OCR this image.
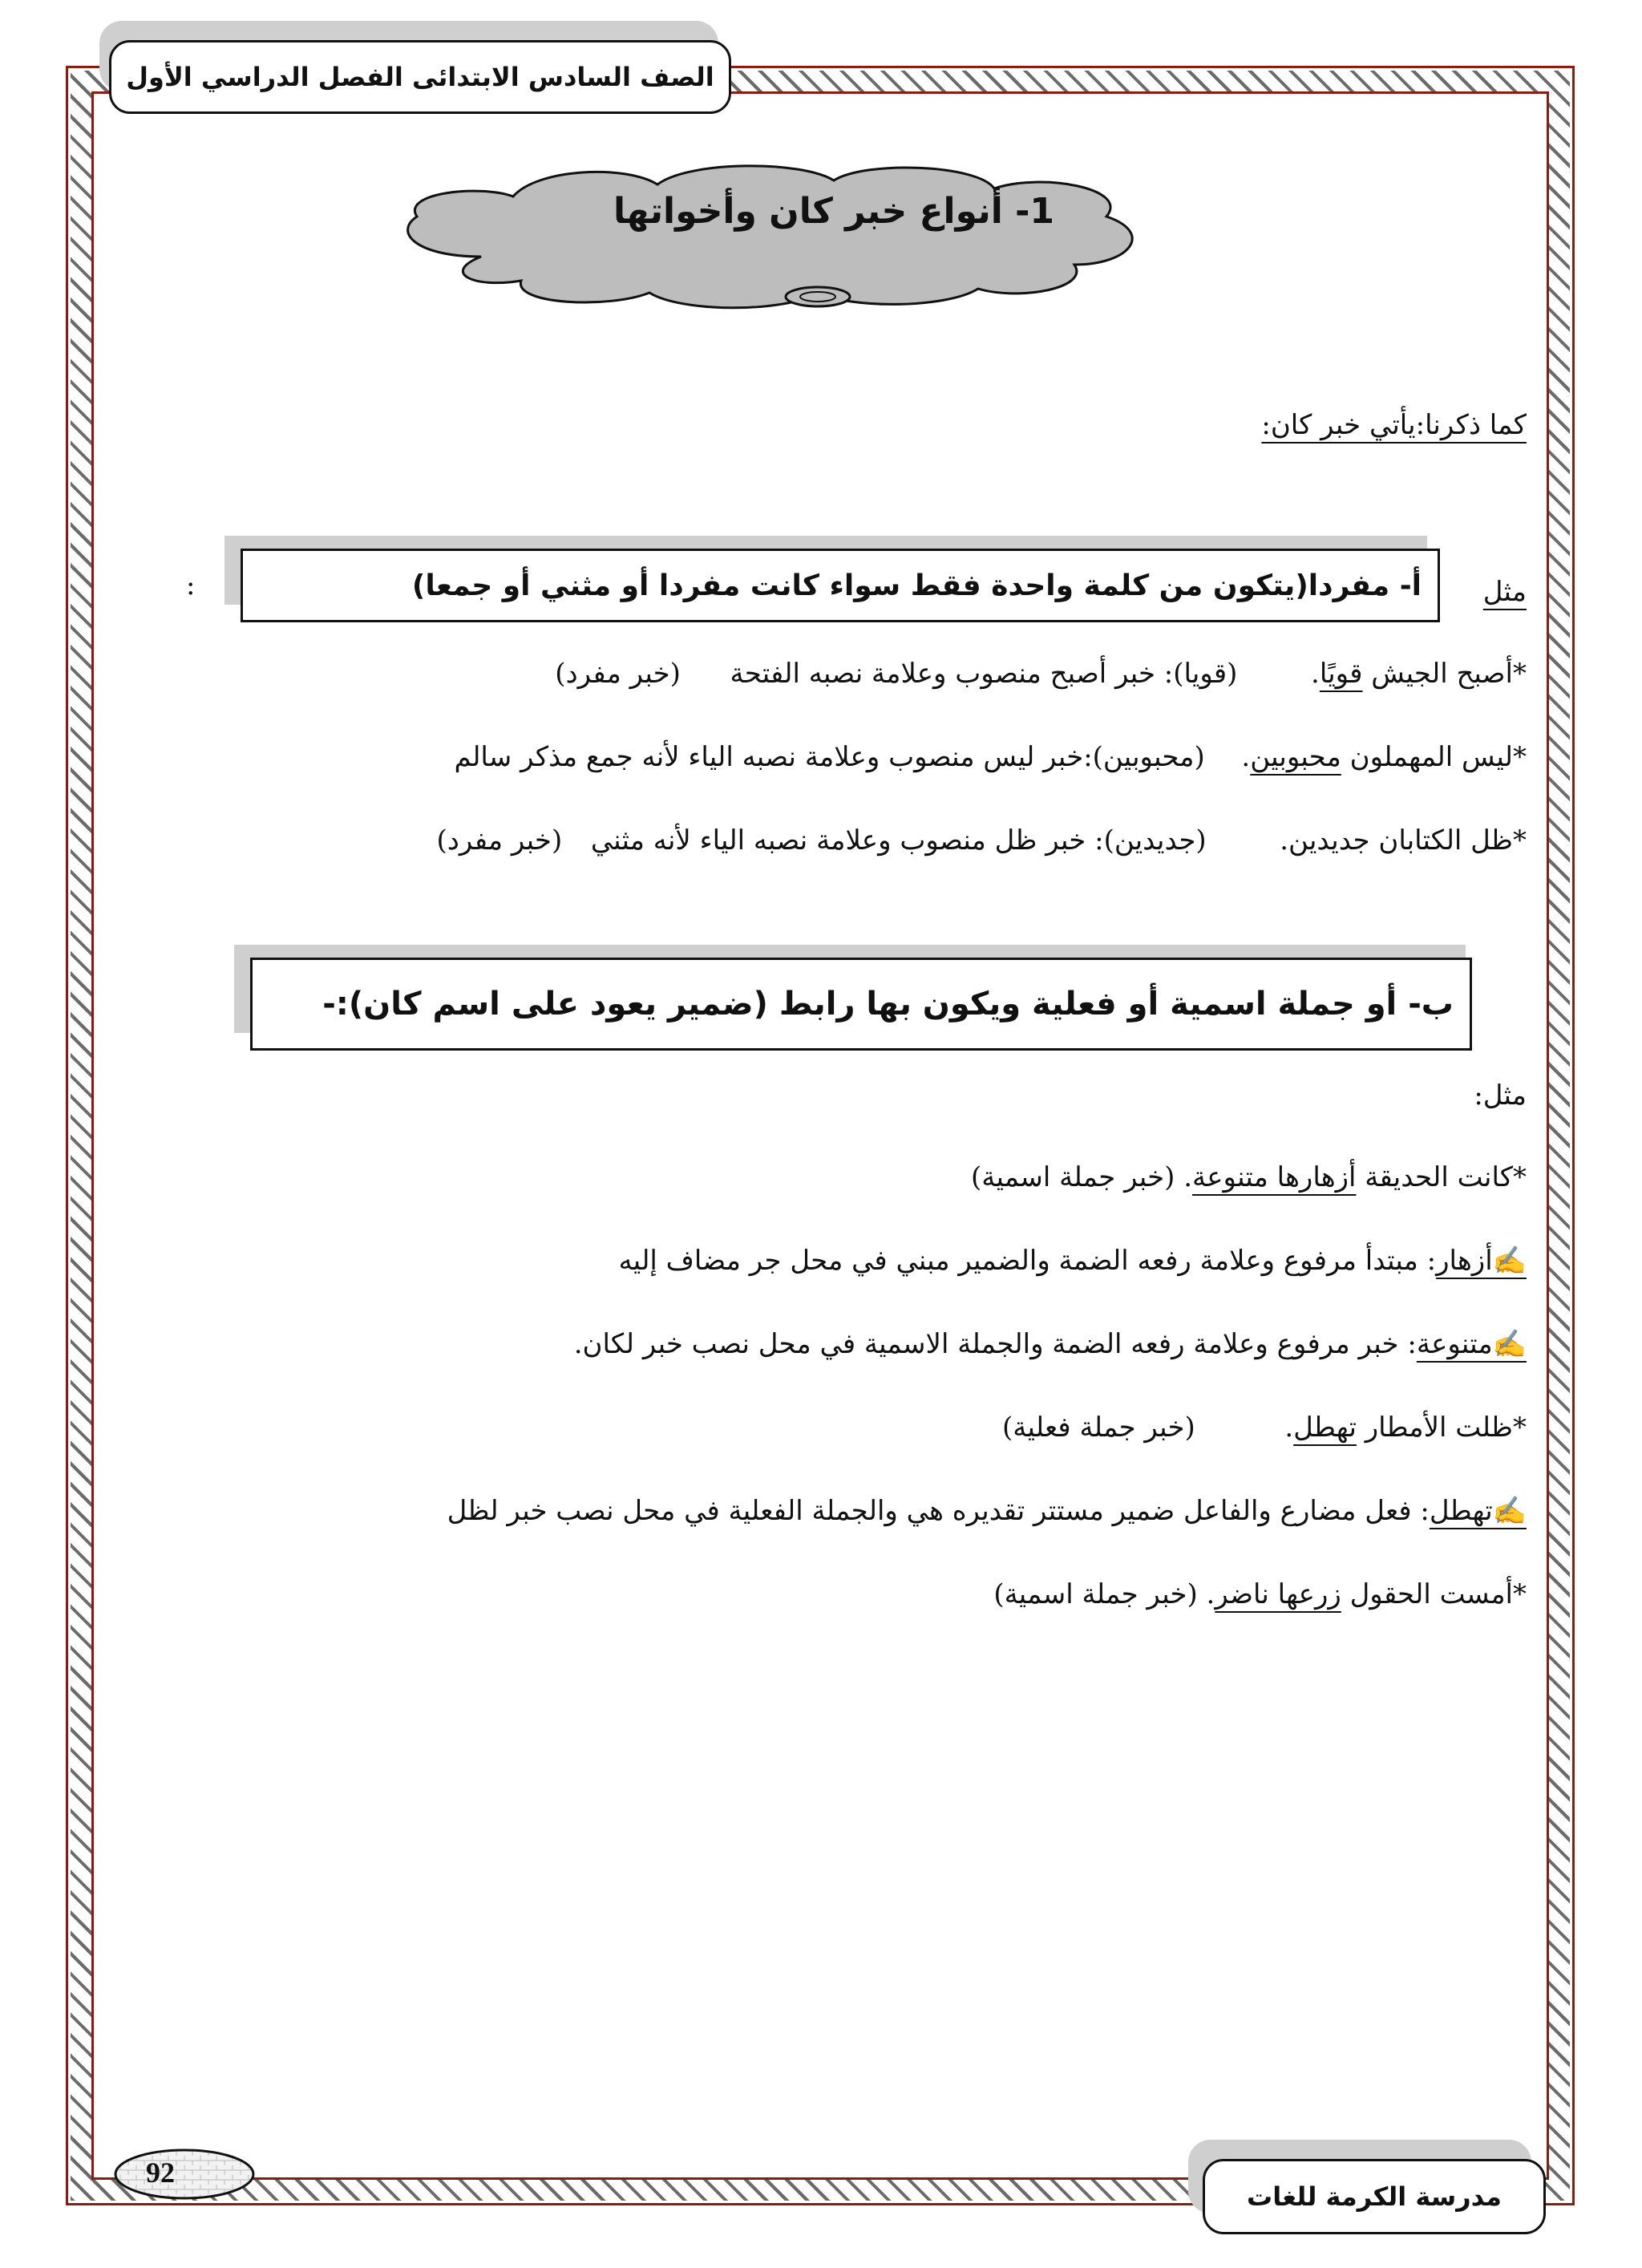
الصف السادس الابتدائى الفصل الدراسي الأول
1- أنواع خبر كان وأخواتها
كما ذكرنا:يأتي خبر كان:
مثل
أ- مفردا(يتكون من كلمة واحدة فقط سواء كانت مفردا أو مثني أو جمعا)
:
*أصبح الجيش قويًا.  (قويا): خبر أصبح منصوب وعلامة نصبه الفتحة  (خبر مفرد)
*ليس المهملون محبوبين.  (محبوبين):خبر ليس منصوب وعلامة نصبه الياء لأنه جمع مذكر سالم
*ظل الكتابان جديدين.  (جديدين): خبر ظل منصوب وعلامة نصبه الياء لأنه مثني  (خبر مفرد)
ب- أو جملة اسمية أو فعلية ويكون بها رابط (ضمير يعود على اسم كان):-
مثل:
*كانت الحديقة أزهارها متنوعة. (خبر جملة اسمية)
✍أزهار: مبتدأ مرفوع وعلامة رفعه الضمة والضمير مبني في محل جر مضاف إليه
✍متنوعة: خبر مرفوع وعلامة رفعه الضمة والجملة الاسمية في محل نصب خبر لكان.
*ظلت الأمطار تهطل.  (خبر جملة فعلية)
✍تهطل: فعل مضارع والفاعل ضمير مستتر تقديره هي والجملة الفعلية في محل نصب خبر لظل
*أمست الحقول زرعها ناضر. (خبر جملة اسمية)
92
مدرسة الكرمة للغات
